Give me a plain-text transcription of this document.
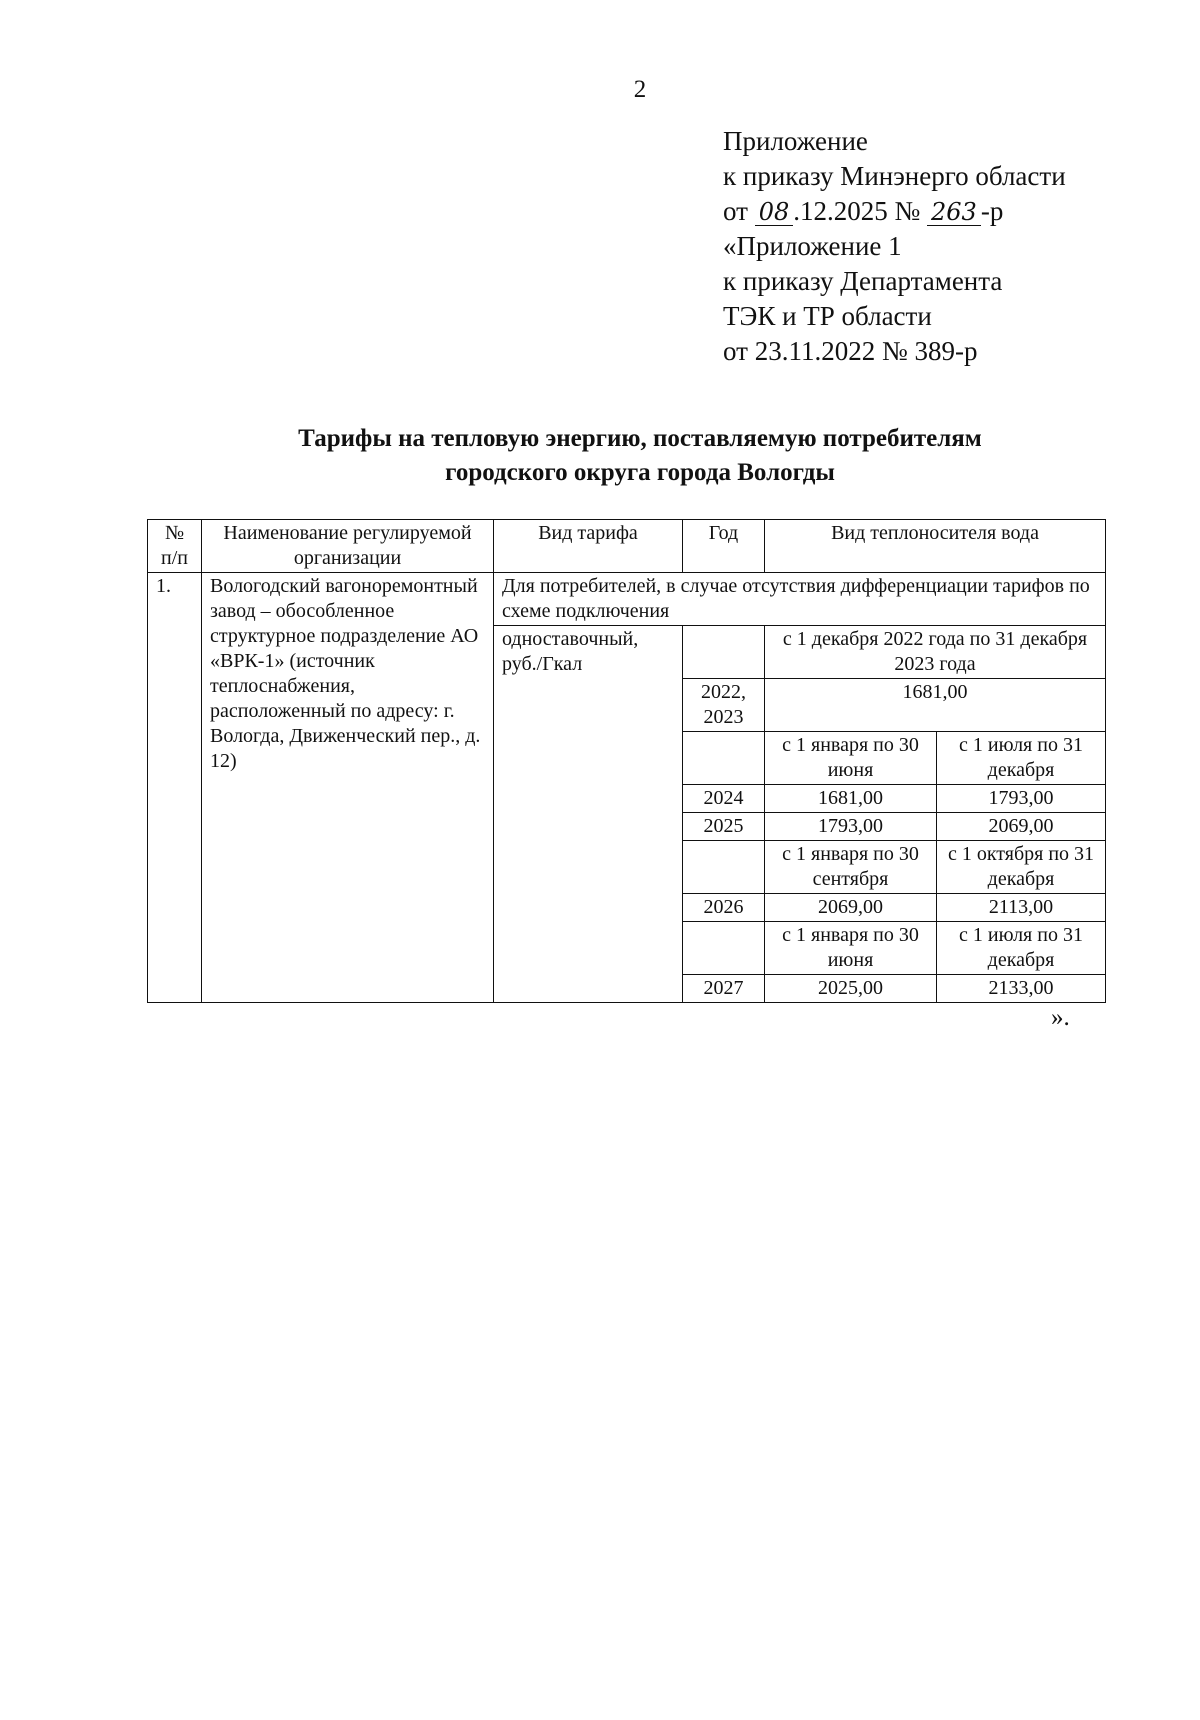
2
Приложение
к приказу Минэнерго области
от 08 .12.2025 № 263 -р
«Приложение 1
к приказу Департамента
ТЭК и ТР области
от 23.11.2022 № 389-р
Тарифы на тепловую энергию, поставляемую потребителям
городского округа города Вологды
№ п/п	Наименование регулируемой организации	Вид тарифа	Год	Вид теплоносителя вода	
1.	Вологодский вагоноремонтный завод – обособленное структурное подразделение АО «ВРК-1» (источник теплоснабжения, расположенный по адресу: г. Вологда, Движенческий пер., д. 12)	Для потребителей, в случае отсутствия дифференциации тарифов по схеме подключения			
		одноставочный, руб./Гкал		с 1 декабря 2022 года по 31 декабря 2023 года	
			2022, 2023	1681,00	
				с 1 января по 30 июня	с 1 июля по 31 декабря
			2024	1681,00	1793,00
			2025	1793,00	2069,00
				с 1 января по 30 сентября	с 1 октября по 31 декабря
			2026	2069,00	2113,00
				с 1 января по 30 июня	с 1 июля по 31 декабря
			2027	2025,00	2133,00
».
